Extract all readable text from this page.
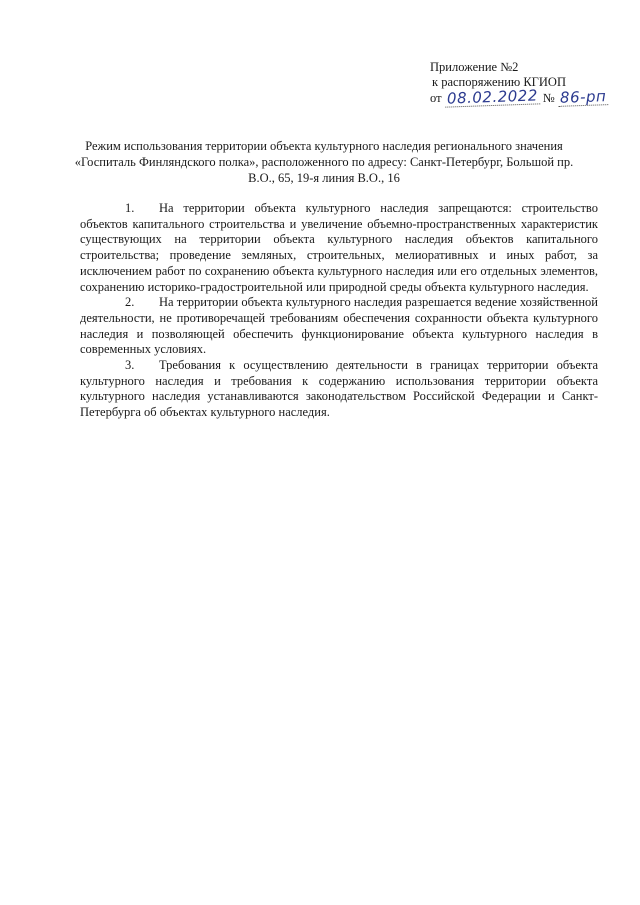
Приложение №2
к распоряжению КГИОП
от 08.02.2022 № 86-рп
Режим использования территории объекта культурного наследия регионального значения «Госпиталь Финляндского полка», расположенного по адресу: Санкт-Петербург, Большой пр. В.О., 65, 19-я линия В.О., 16

1. На территории объекта культурного наследия запрещаются: строительство объектов капитального строительства и увеличение объемно-пространственных характеристик существующих на территории объекта культурного наследия объектов капитального строительства; проведение земляных, строительных, мелиоративных и иных работ, за исключением работ по сохранению объекта культурного наследия или его отдельных элементов, сохранению историко-градостроительной или природной среды объекта культурного наследия.

2. На территории объекта культурного наследия разрешается ведение хозяйственной деятельности, не противоречащей требованиям обеспечения сохранности объекта культурного наследия и позволяющей обеспечить функционирование объекта культурного наследия в современных условиях.

3. Требования к осуществлению деятельности в границах территории объекта культурного наследия и требования к содержанию использования территории объекта культурного наследия устанавливаются законодательством Российской Федерации и Санкт-Петербурга об объектах культурного наследия.
